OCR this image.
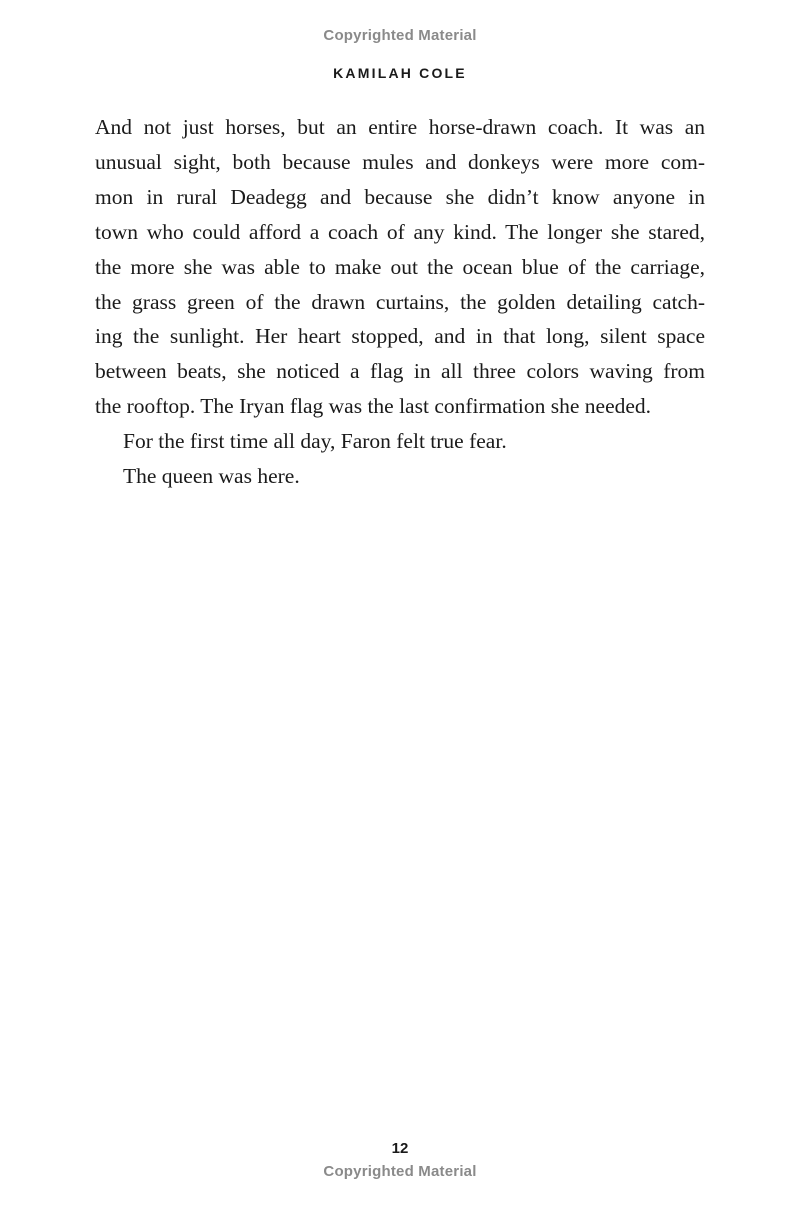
Copyrighted Material
KAMILAH COLE

And not just horses, but an entire horse-drawn coach. It was an
unusual sight, both because mules and donkeys were more com-
mon in rural Deadegg and because she didn’t know anyone in
town who could afford a coach of any kind. The longer she stared,
the more she was able to make out the ocean blue of the carriage,
the grass green of the drawn curtains, the golden detailing catch-
ing the sunlight. Her heart stopped, and in that long, silent space
between beats, she noticed a flag in all three colors waving from
the rooftop. The Iryan flag was the last confirmation she needed.

For the first time all day, Faron felt true fear.

The queen was here.

12
Copyrighted Material
